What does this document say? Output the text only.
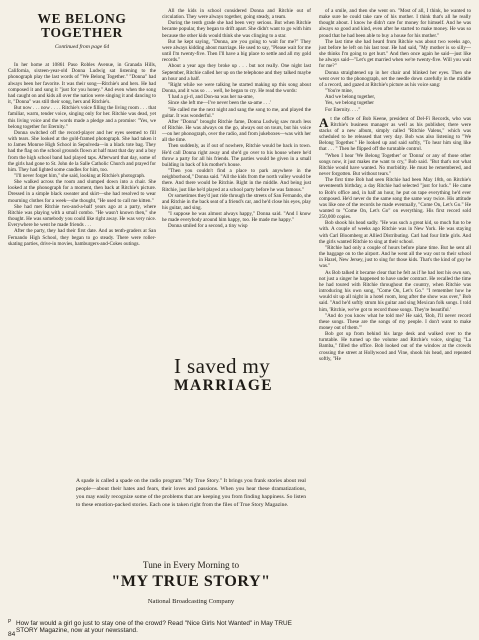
WE BELONG TOGETHER
Continued from page 64

In her home at 10861 Paso Robles Avenue, in Granada Hills, California, sixteen-year-old Donna Ludwig sat listening to the phonograph play the last words of "We Belong Together." "Donna" had always been her favorite. It was their song—Ritchie's and hers. He had composed it and sung it "just for you honey." And even when the song had caught on and kids all over the nation were singing it and dancing to it, "Donna" was still their song, hers and Ritchie's.

But now . . . now . . . . Ritchie's voice filling the living room . . . that familiar, warm, tender voice, singing only for her. Ritchie was dead, yet this living voice and the words made a pledge and a promise: "Yes, we belong together for Eternity."

Donna switched off the record-player and her eyes seemed to fill with tears. She looked at the gold-framed photograph. She had taken it to James Monroe High School in Sepulveda—in a black tote bag. They had the flag on the school grounds flown at half mast that day and a boy from the high school band had played taps. Afterward that day, some of the girls had gone to St. John de la Salle Catholic Church and prayed for him. They had lighted some candles for him, too.

"I'll never forget him," she said, looking at Ritchie's photograph.

She walked across the room and slumped down into a chair. She looked at the phonograph for a moment, then back at Ritchie's picture. Dressed in a simple black sweater and skirt—she had resolved to wear mourning clothes for a week—she thought, "He used to call me kitten."

She had met Ritchie two-and-a-half years ago at a party, where Ritchie was playing with a small combo. "He wasn't known then," she thought. He was somebody you could like right away. He was very nice. Everywhere he went he made friends . . .

After the party, they had their first date. And as tenth-graders at San Fernando High School, they began to go steady. There were roller-skating parties, drive-in movies, hamburgers-and-Cokes outings.

All the kids in school considered Donna and Ritchie out of circulation. They were always together, going steady, a team.

During the tenth grade she had been very serious. But when Ritchie became popular, they began to drift apart. She didn't want to go with him because the other kids would think she was clinging to a star.

But he kept saying, "Donna, are you going to wait for me?" They were always kidding about marriage. He used to say, "Please wait for me until I'm twenty-five. Then I'll have a big place to settle and all my gold records."

About a year ago they broke up . . . but not really. One night last September, Ritchie called her up on the telephone and they talked maybe an hour and a half.

"Right while we were talking he started making up this song about Donna, and it was so . . . well, he began to cry. He read the words:

'I had a gi-rl, and Don-na was her na-ame,

Since she left me—I've never been the sa-ame . . .'

"He called me the next night and sang the song to me, and played the guitar. It was wonderful."

After "Donna" brought Ritchie fame, Donna Ludwig saw much less of Ritchie. He was always on the go, always out on tours, but his voice—on her phonograph, over the radio, and from jukeboxes—was with her all the time.

Then suddenly, as if out of nowhere, Ritchie would be back in town. He'd call Donna right away and she'd go over to his house where he'd throw a party for all his friends. The parties would be given in a small building in back of his mother's house.

"Then you couldn't find a place to park anywhere in the neighborhood," Donna said. "All the kids from the north valley would be there. And there would be Ritchie. Right in the middle. And being just Ritchie, just like he'd played at a school party before he was famous."

Or sometimes they'd just ride through the streets of San Fernando, she and Ritchie in the back seat of a friend's car, and he'd close his eyes, play his guitar, and sing.

"I suppose he was almost always happy," Donna said. "And I know he made everybody around him happy, too. He made me happy."

Donna smiled for a second, a tiny wisp

of a smile, and then she went on. "Most of all, I think, he wanted to make sure he could take care of his mother. I think that's all he really thought about. I know he didn't care for money for himself. And he was always so good and kind, even after he started to make money. He was so proud that he had been able to buy a house for his mother."

The last time she had heard from Ritchie was about two weeks ago, just before he left on his last tour. He had said, "My mother is so silly—she thinks I'm going to get hurt." And then once again he said—just like he always said—"Let's get married when we're twenty-five. Will you wait for me?"

Donna straightened up in her chair and blinked her eyes. Then she went over to the phonograph, set the needle down carefully in the middle of a record, and gazed at Ritchie's picture as his voice sang:

"You're mine,

And we belong together,

Yes, we belong together

For Eternity. . . ."

At the office of Bob Keene, president of Del-Fi Records, who was Ritchie's business manager as well as his publisher, there were stacks of a new album, simply called "Ritchie Valens," which was scheduled to be released that very day. Bob was also listening to "We Belong Together." He looked up and said softly, "To hear him sing like that . . . " Then he flipped off the turntable control.

"When I hear 'We Belong Together' or 'Donna' or any of those other songs now, it just makes me want to cry," Bob said. "But that's not what Ritchie would have wanted. No morbidity. He must be remembered, and never forgotten. But without tears."

The first time Bob had seen Ritchie had been May 18th, on Ritchie's seventeenth birthday, a day Ritchie had selected "just for luck." He came to Bob's office and, in half an hour, he put on tape everything he'd ever composed. He'd never do the same song the same way twice. His attitude was like one of the records he made eventually, "Come On, Let's Go." He wanted to "Come On, Let's Go" on everything. His first record sold 250,000 copies.

Bob shook his head sadly. "He was such a great kid, so much fun to be with. A couple of weeks ago Ritchie was in New York. He was staying with Carl Bloomberg at Allied Distributing. Carl had four little girls. And the girls wanted Ritchie to sing at their school.

"Ritchie had only a couple of hours before plane time. But he sent all the baggage on to the airport. And he went all the way out to their school in Hazel, New Jersey, just to sing for those kids. That's the kind of guy he was."

As Bob talked it became clear that he felt as if he had lost his own son, not just a singer he happened to have under contract. He recalled the time he had toured with Ritchie throughout the country, when Ritchie was introducing his own song, "Come On, Let's Go." "I remember how he would sit up all night in a hotel room, long after the show was over," Bob said. "And he'd softly strum his guitar and sing Mexican folk songs. I told him, 'Ritchie, we've got to record those songs. They're beautiful.'

"And do you know what he told me? He said, 'Bob, I'll never record these songs. These are the songs of my people. I don't want to make money out of them.'"

Bob got up from behind his large desk and walked over to the turntable. He turned up the volume and Ritchie's voice, singing "La Bamba," filled the office. Bob looked out of the window at the crowds crossing the street at Hollywood and Vine, shook his head, and repeated softly, "He

I saved my
MARRIAGE
A spade is called a spade on the radio program "My True Story." It brings you frank stories about real people—about their hates and fears, their loves and passions. When you hear these dramatizations, you may easily recognize some of the problems that are keeping you from finding happiness. So listen to these emotion-packed stories. Each one is taken right from the files of True Story Magazine.
Tune in Every Morning to
"MY TRUE STORY"
National Broadcasting Company
P How far would a girl go just to stay one of the crowd? Read "Nice Girls Not Wanted" in May TRUE STORY Magazine, now at your newsstand.
84
